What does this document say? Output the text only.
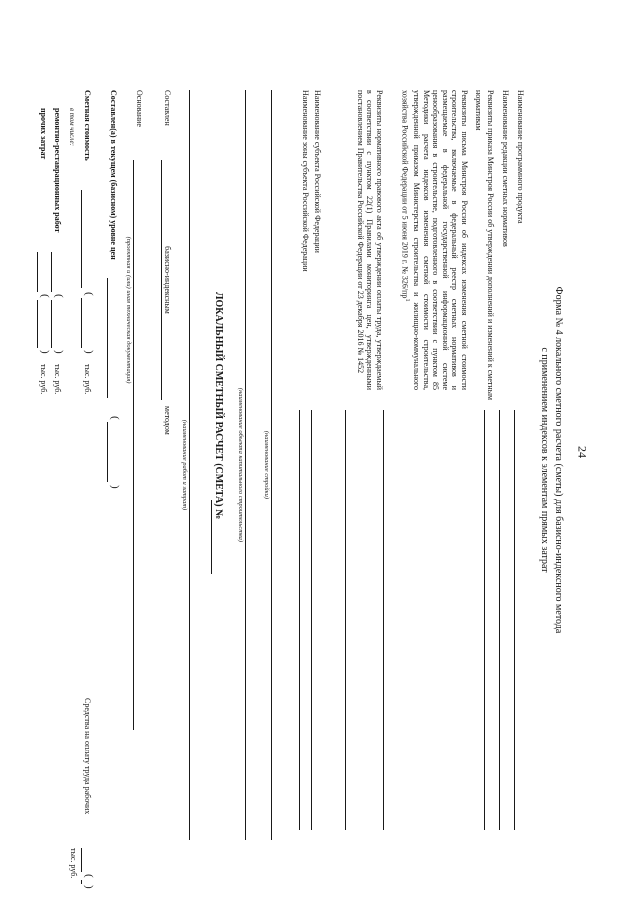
24
Форма № 4 локального сметного расчета (сметы) для базисно-индексного метода
с применением индексов к элементам прямых затрат
Наименование программного продукта
Наименование редакции сметных нормативов
Реквизиты приказа Минстроя России об утверждении дополнений и изменений к сметным
нормативам
Реквизиты письма Минстроя России об индексах изменения сметной стоимости строительства, включаемые в федеральный реестр сметных нормативов и размещаемые в федеральной государственной информационной системе ценообразования в строительстве, подготовленного в соответствии с пунктом 85 Методики расчета индексов изменения сметной стоимости строительства, утвержденной приказом Министерства строительства и жилищно-коммунального хозяйства Российской Федерации от 5 июня 2019 г. № $326/пр^1$
Реквизиты нормативного правового акта об утверждении оплаты труда, утверждаемый в соответствии с пунктом 22(1) Правилами мониторинга цен, утвержденными постановлением Правительства Российской Федерации от 23 декабря 2016 № 1452
Наименование субъекта Российской Федерации
Наименование зоны субъекта Российской Федерации
(наименование стройки)
(наименование объекта капитального строительства)
ЛОКАЛЬНЫЙ СМЕТНЫЙ РАСЧЕТ (СМЕТА) №
(наименование работ и затрат)
Составлен
базисно-индексным
методом
Основание
(проектная и (или) иная техническая документация)
Составлен(а) в текущем (базисном) уровне цен
(
)
Сметная стоимость
(
)
тыс. руб.
Средства на оплату труда рабочих
(
)
тыс. руб.
в том числе:
ремонтно-реставрационных работ
(
)
тыс. руб.
прочих затрат
(
)
тыс. руб.
